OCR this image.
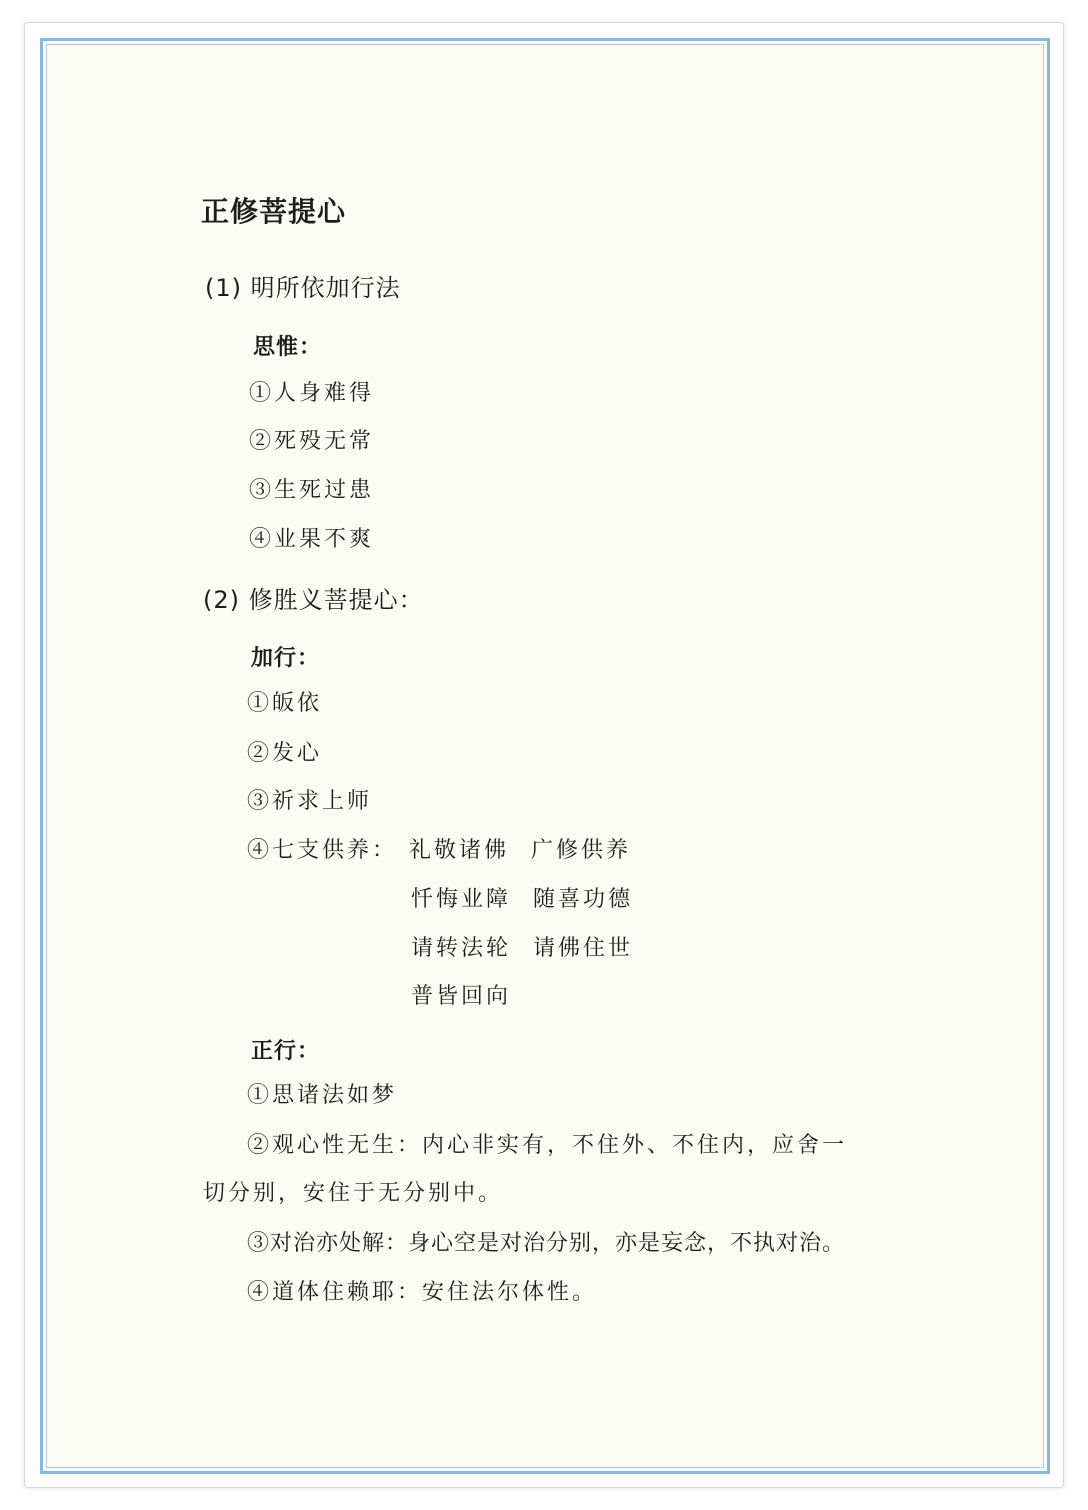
正修菩提心
(1) 明所依加行法
思惟：
①人身难得
②死殁无常
③生死过患
④业果不爽
(2) 修胜义菩提心：
加行：
①皈依
②发心
③祈求上师
④七支供养： 礼敬诸佛 广修供养
忏悔业障 随喜功德
请转法轮 请佛住世
普皆回向
正行：
①思诸法如梦
②观心性无生：内心非实有，不住外、不住内，应舍一
切分别，安住于无分别中。
③对治亦处解：身心空是对治分别，亦是妄念，不执对治。
④道体住赖耶：安住法尔体性。
